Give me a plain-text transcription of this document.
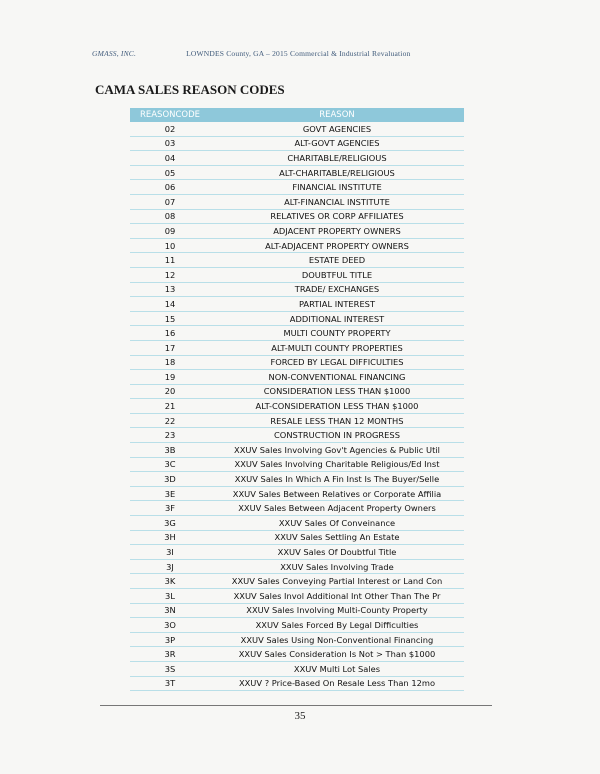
GMASS, INC.	LOWNDES County, GA – 2015 Commercial & Industrial Revaluation
CAMA SALES REASON CODES
REASONCODE	REASON
02	GOVT AGENCIES
03	ALT-GOVT AGENCIES
04	CHARITABLE/RELIGIOUS
05	ALT-CHARITABLE/RELIGIOUS
06	FINANCIAL INSTITUTE
07	ALT-FINANCIAL INSTITUTE
08	RELATIVES OR CORP AFFILIATES
09	ADJACENT PROPERTY OWNERS
10	ALT-ADJACENT PROPERTY OWNERS
11	ESTATE DEED
12	DOUBTFUL TITLE
13	TRADE/ EXCHANGES
14	PARTIAL INTEREST
15	ADDITIONAL INTEREST
16	MULTI COUNTY PROPERTY
17	ALT-MULTI COUNTY PROPERTIES
18	FORCED BY LEGAL DIFFICULTIES
19	NON-CONVENTIONAL FINANCING
20	CONSIDERATION LESS THAN $1000
21	ALT-CONSIDERATION LESS THAN $1000
22	RESALE LESS THAN 12 MONTHS
23	CONSTRUCTION IN PROGRESS
3B	XXUV Sales Involving Gov't Agencies & Public Util
3C	XXUV Sales Involving Charitable Religious/Ed Inst
3D	XXUV Sales In Which A Fin Inst Is The Buyer/Selle
3E	XXUV Sales Between Relatives or Corporate Affilia
3F	XXUV Sales Between Adjacent Property Owners
3G	XXUV Sales Of Conveinance
3H	XXUV Sales Settling An Estate
3I	XXUV Sales Of Doubtful Title
3J	XXUV Sales Involving Trade
3K	XXUV Sales Conveying Partial Interest or Land Con
3L	XXUV Sales Invol Additional Int Other Than The Pr
3N	XXUV Sales Involving Multi-County Property
3O	XXUV Sales Forced By Legal Difficulties
3P	XXUV Sales Using Non-Conventional Financing
3R	XXUV Sales Consideration Is Not > Than $1000
3S	XXUV Multi Lot Sales
3T	XXUV ? Price-Based On Resale Less Than 12mo
35
